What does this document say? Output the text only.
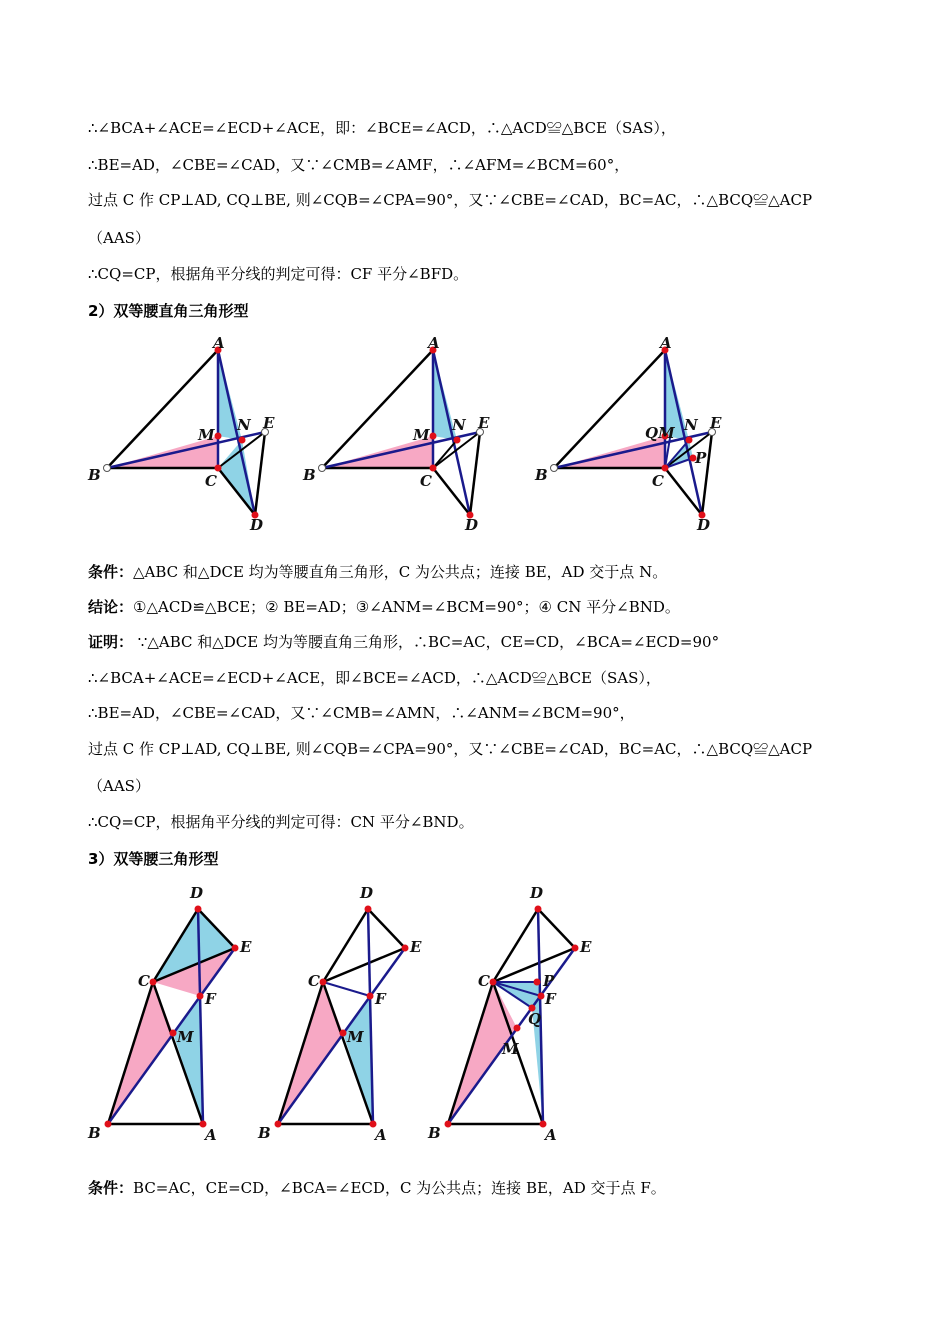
∴∠BCA+∠ACE=∠ECD+∠ACE，即：∠BCE=∠ACD，∴△ACD≌△BCE（SAS），
∴BE=AD，∠CBE=∠CAD，又∵∠CMB=∠AMF，∴∠AFM=∠BCM=60°，
过点 C 作 CP⊥AD, CQ⊥BE, 则∠CQB=∠CPA=90°，又∵∠CBE=∠CAD，BC=AC，∴△BCQ≌△ACP
（AAS）
∴CQ=CP，根据角平分线的判定可得：CF 平分∠BFD。
2）双等腰直角三角形型
A
B	C
D
E
M
N
A
B	C
D
E
M
N
A
B	C
D
E
QM N
P
条件：△ABC 和△DCE 均为等腰直角三角形，C 为公共点；连接 BE，AD 交于点 N。
结论：①△ACD≌△BCE；② BE=AD；③∠ANM=∠BCM=90°；④ CN 平分∠BND。
证明： ∵△ABC 和△DCE 均为等腰直角三角形，∴BC=AC，CE=CD，∠BCA=∠ECD=90°
∴∠BCA+∠ACE=∠ECD+∠ACE，即∠BCE=∠ACD，∴△ACD≌△BCE（SAS），
∴BE=AD，∠CBE=∠CAD，又∵∠CMB=∠AMN，∴∠ANM=∠BCM=90°，
过点 C 作 CP⊥AD, CQ⊥BE, 则∠CQB=∠CPA=90°，又∵∠CBE=∠CAD，BC=AC，∴△BCQ≌△ACP
（AAS）
∴CQ=CP，根据角平分线的判定可得：CN 平分∠BND。
3）双等腰三角形型
D
E
C
F
M
B	A
D
E
C
F
M
B	A
D
E
C	P
F
Q
M
B	A
条件：BC=AC，CE=CD，∠BCA=∠ECD，C 为公共点；连接 BE，AD 交于点 F。
